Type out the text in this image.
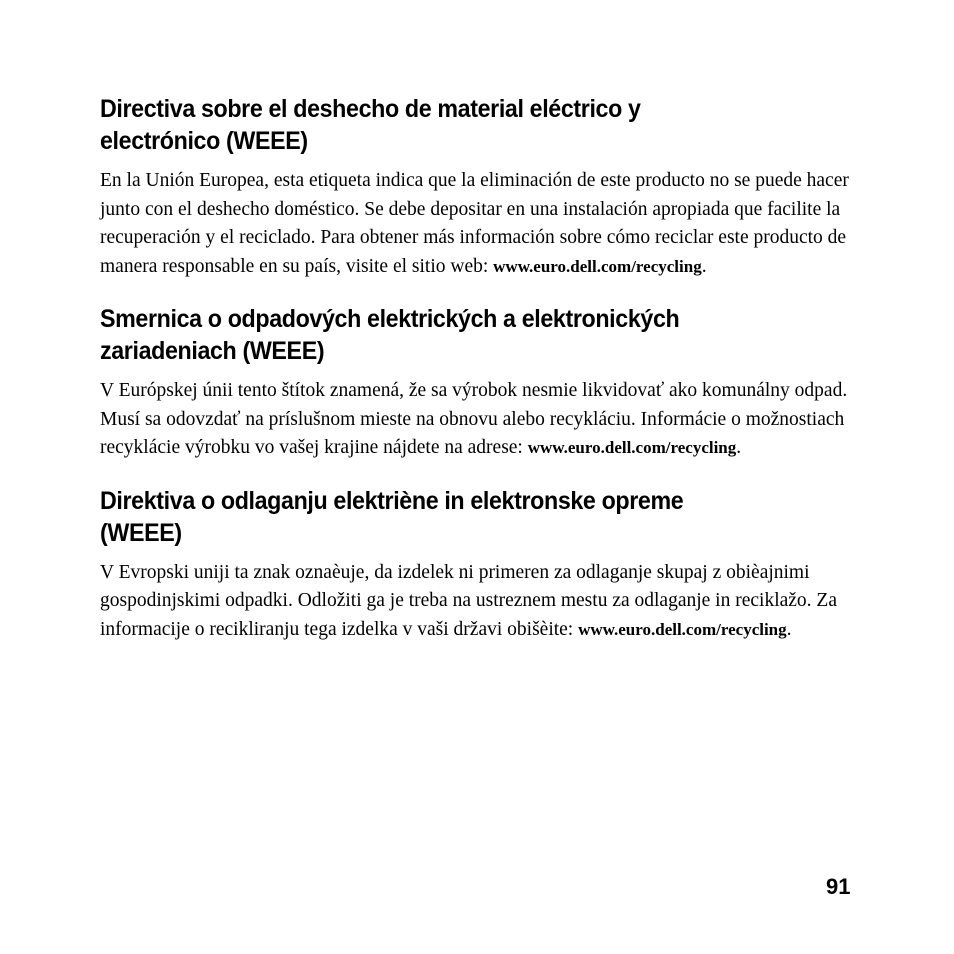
Directiva sobre el deshecho de material eléctrico y
electrónico (WEEE)

En la Unión Europea, esta etiqueta indica que la eliminación de este producto no se puede hacer junto con el deshecho doméstico. Se debe depositar en una instalación apropiada que facilite la recuperación y el reciclado. Para obtener más información sobre cómo reciclar este producto de manera responsable en su país, visite el sitio web: www.euro.dell.com/recycling.

Smernica o odpadových elektrických a elektronických
zariadeniach (WEEE)

V Európskej únii tento štítok znamená, že sa výrobok nesmie likvidovať ako komunálny odpad. Musí sa odovzdať na príslušnom mieste na obnovu alebo recykláciu. Informácie o možnostiach recyklácie výrobku vo vašej krajine nájdete na adrese: www.euro.dell.com/recycling.

Direktiva o odlaganju elektriène in elektronske opreme
(WEEE)

V Evropski uniji ta znak oznaèuje, da izdelek ni primeren za odlaganje skupaj z obièajnimi gospodinjskimi odpadki. Odložiti ga je treba na ustreznem mestu za odlaganje in reciklažo. Za informacije o recikliranju tega izdelka v vaši državi obišèite: www.euro.dell.com/recycling.

91
